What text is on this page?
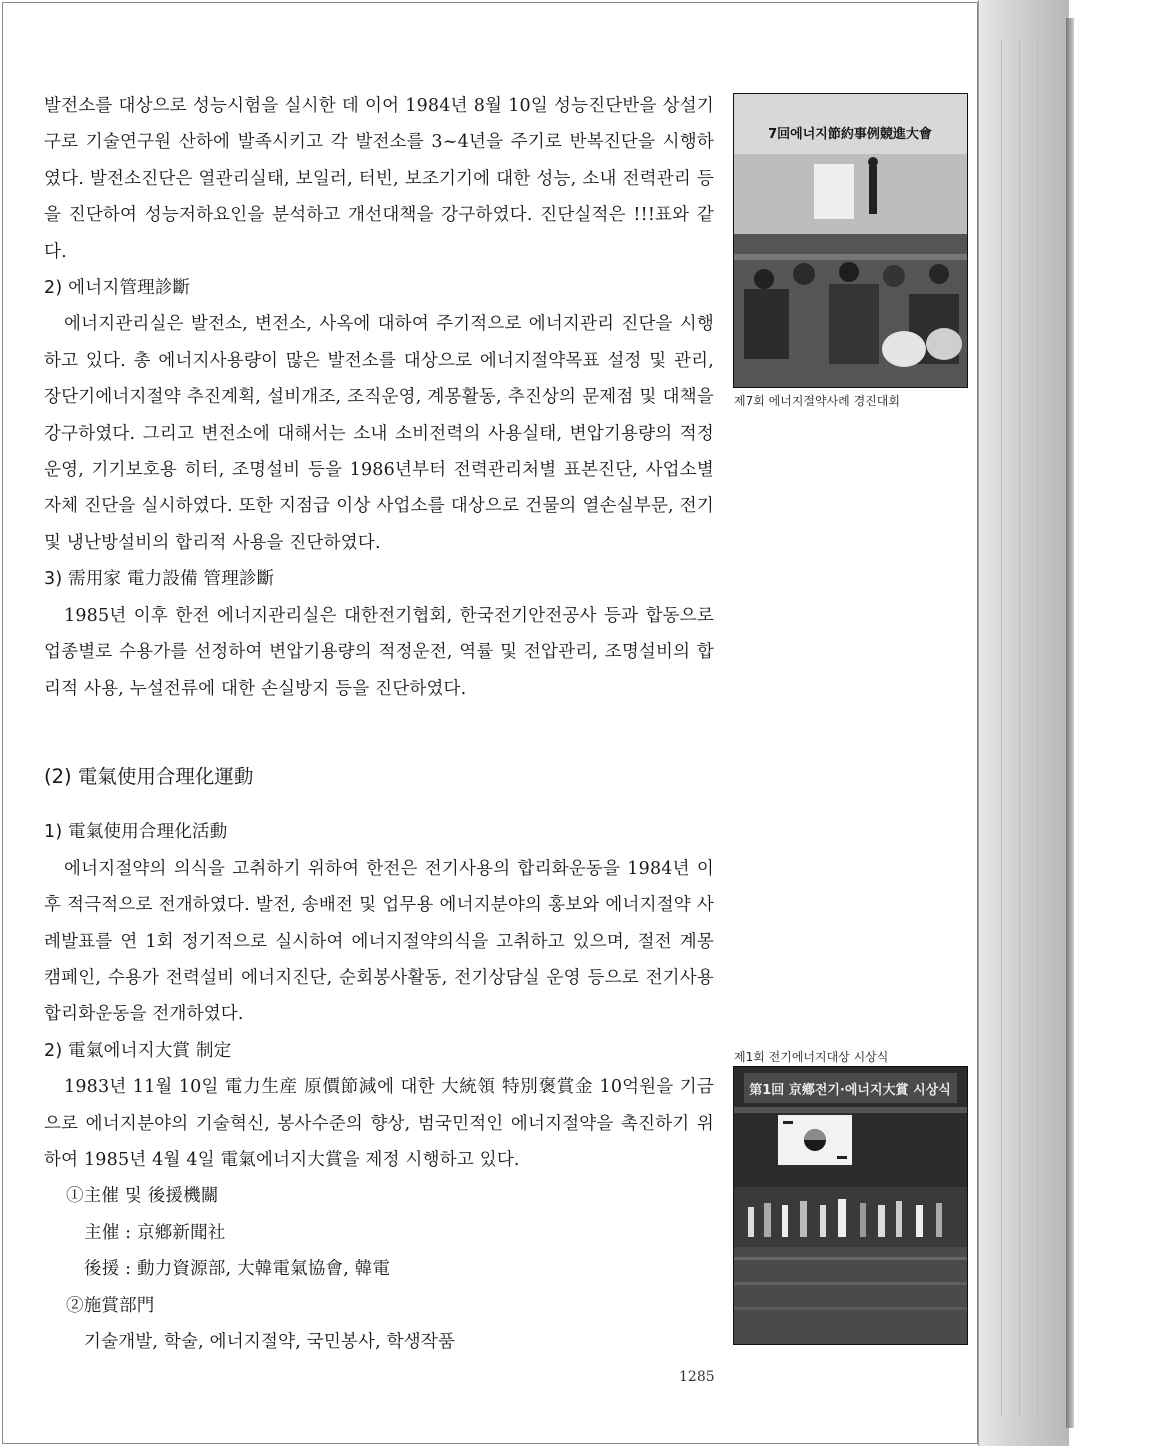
발전소를 대상으로 성능시험을 실시한 데 이어 1984년 8월 10일 성능진단반을 상설기구로 기술연구원 산하에 발족시키고 각 발전소를 3~4년을 주기로 반복진단을 시행하였다. 발전소진단은 열관리실태, 보일러, 터빈, 보조기기에 대한 성능, 소내 전력관리 등을 진단하여 성능저하요인을 분석하고 개선대책을 강구하였다. 진단실적은 !!!표와 같다.

2) 에너지管理診斷

에너지관리실은 발전소, 변전소, 사옥에 대하여 주기적으로 에너지관리 진단을 시행하고 있다. 총 에너지사용량이 많은 발전소를 대상으로 에너지절약목표 설정 및 관리, 장단기에너지절약 추진계획, 설비개조, 조직운영, 계몽활동, 추진상의 문제점 및 대책을 강구하였다. 그리고 변전소에 대해서는 소내 소비전력의 사용실태, 변압기용량의 적정운영, 기기보호용 히터, 조명설비 등을 1986년부터 전력관리처별 표본진단, 사업소별 자체 진단을 실시하였다. 또한 지점급 이상 사업소를 대상으로 건물의 열손실부문, 전기 및 냉난방설비의 합리적 사용을 진단하였다.

3) 需用家 電力設備 管理診斷

1985년 이후 한전 에너지관리실은 대한전기협회, 한국전기안전공사 등과 합동으로 업종별로 수용가를 선정하여 변압기용량의 적정운전, 역률 및 전압관리, 조명설비의 합리적 사용, 누설전류에 대한 손실방지 등을 진단하였다.

(2) 電氣使用合理化運動

1) 電氣使用合理化活動

에너지절약의 의식을 고취하기 위하여 한전은 전기사용의 합리화운동을 1984년 이후 적극적으로 전개하였다. 발전, 송배전 및 업무용 에너지분야의 홍보와 에너지절약 사례발표를 연 1회 정기적으로 실시하여 에너지절약의식을 고취하고 있으며, 절전 계몽 캠페인, 수용가 전력설비 에너지진단, 순회봉사활동, 전기상담실 운영 등으로 전기사용 합리화운동을 전개하였다.

2) 電氣에너지大賞 制定

1983년 11월 10일 電力生産 原價節減에 대한 大統領 特別褒賞金 10억원을 기금으로 에너지분야의 기술혁신, 봉사수준의 향상, 범국민적인 에너지절약을 촉진하기 위하여 1985년 4월 4일 電氣에너지大賞을 제정 시행하고 있다.

①主催 및 後援機關

主催 : 京鄕新聞社

後援 : 動力資源部, 大韓電氣協會, 韓電

②施賞部門

기술개발, 학술, 에너지절약, 국민봉사, 학생작품

7回에너지節約事例競進大會
제7회 에너지절약사례 경진대회
제1회 전기에너지대상 시상식
第1回 京鄕전기·에너지大賞 시상식
1285
